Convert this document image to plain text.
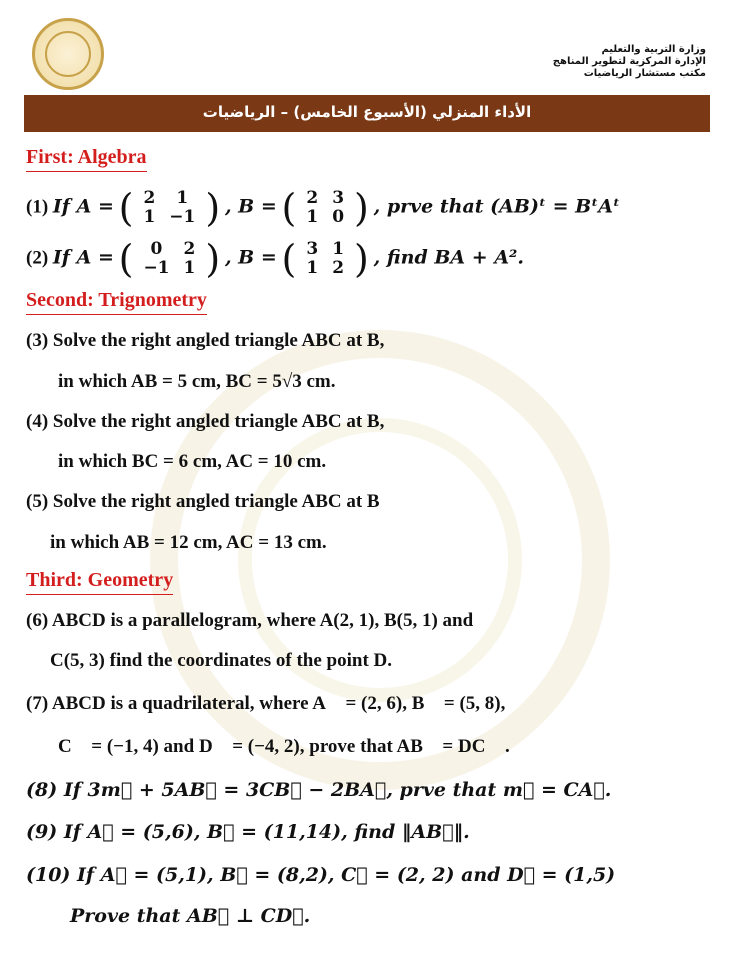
وزارة التربية والتعليم
الإدارة المركزية لتطوير المناهج
مكتب مستشار الرياضيات
الأداء المنزلي (الأسبوع الخامس) – الرياضيات
First: Algebra
(1) If A = ( 2	1
1	−1 ) , B = ( 2	3
1	0 ) , prve that (AB)ᵗ = BᵗAᵗ
(2) If A = ( 0	2
−1	1 ) , B = ( 3	1
1	2 ) , find BA + A².
Second: Trignometry
(3) Solve the right angled triangle ABC at B,
in which AB = 5 cm, BC = 5√3 cm.
(4) Solve the right angled triangle ABC at B,
in which BC = 6 cm, AC = 10 cm.
(5) Solve the right angled triangle ABC at B
in which AB = 12 cm, AC = 13 cm.
Third: Geometry
(6) ABCD is a parallelogram, where A(2, 1), B(5, 1) and
C(5, 3) find the coordinates of the point D.
(7) ABCD is a quadrilateral, where A⃗ = (2, 6), B⃗ = (5, 8),
C⃗ = (−1, 4) and D⃗ = (−4, 2), prove that AB⃗ = DC⃗ .
(8) If 3m⃗ + 5AB⃗ = 3CB⃗ − 2BA⃗, prve that m⃗ = CA⃗.
(9) If A⃗ = (5,6), B⃗ = (11,14), find ‖AB⃗‖.
(10) If A⃗ = (5,1), B⃗ = (8,2), C⃗ = (2, 2) and D⃗ = (1,5)
Prove that AB⃗ ⊥ CD⃗.
